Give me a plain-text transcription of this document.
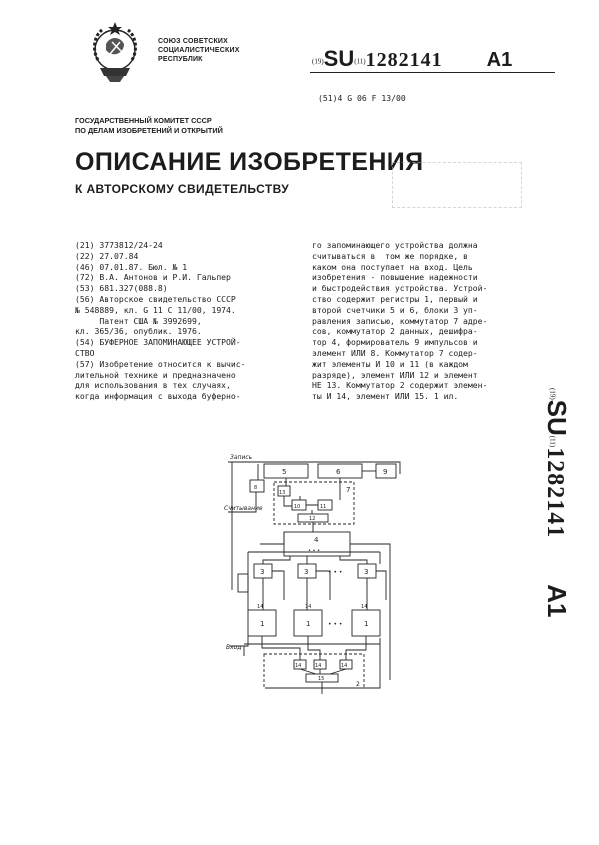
СОЮЗ СОВЕТСКИХ
СОЦИАЛИСТИЧЕСКИХ
РЕСПУБЛИК	(19)SU(11)1282141 A1
(51)4 G 06 F 13/00
ГОСУДАРСТВЕННЫЙ КОМИТЕТ СССР
ПО ДЕЛАМ ИЗОБРЕТЕНИЙ И ОТКРЫТИЙ
ОПИСАНИЕ ИЗОБРЕТЕНИЯ
К АВТОРСКОМУ СВИДЕТЕЛЬСТВУ
(21) 3773812/24-24
(22) 27.07.84
(46) 07.01.87. Бюл. № 1
(72) В.А. Антонов и Р.И. Гальпер
(53) 681.327(088.8)
(56) Авторское свидетельство СССР
№ 548889, кл. G 11 C 11/00, 1974.
Патент США № 3992699,
кл. 365/36, опублик. 1976.
(54) БУФЕРНОЕ ЗАПОМИНАЮЩЕЕ УСТРОЙ-
СТВО
(57) Изобретение относится к вычис-
лительной технике и предназначено
для использования в тех случаях,
когда информация с выхода буферно-
го запоминающего устройства должна
считываться в  том же порядке, в
каком она поступает на вход. Цель
изобретения - повышение надежности
и быстродействия устройства. Устрой-
ство содержит регистры 1, первый и
второй счетчики 5 и 6, блоки 3 уп-
равления записью, коммутатор 7 адре-
сов, коммутатор 2 данных, дешифра-
тор 4, формирователь 9 импульсов и
элемент ИЛИ 8. Коммутатор 7 содер-
жит элементы И 10 и 11 (в каждом
разряде), элемент ИЛИ 12 и элемент
НЕ 13. Коммутатор 2 содержит элемен-
ты И 14, элемент ИЛИ 15. 1 ил.	(19)SU(11)1282141A1
Запись
Считывание
Вход
5	6	9
7
13
10	11
12
8
4
• • •
3	3	• • •	3
14	14	14
1	1	• • •	1
2
14	14	14
15
